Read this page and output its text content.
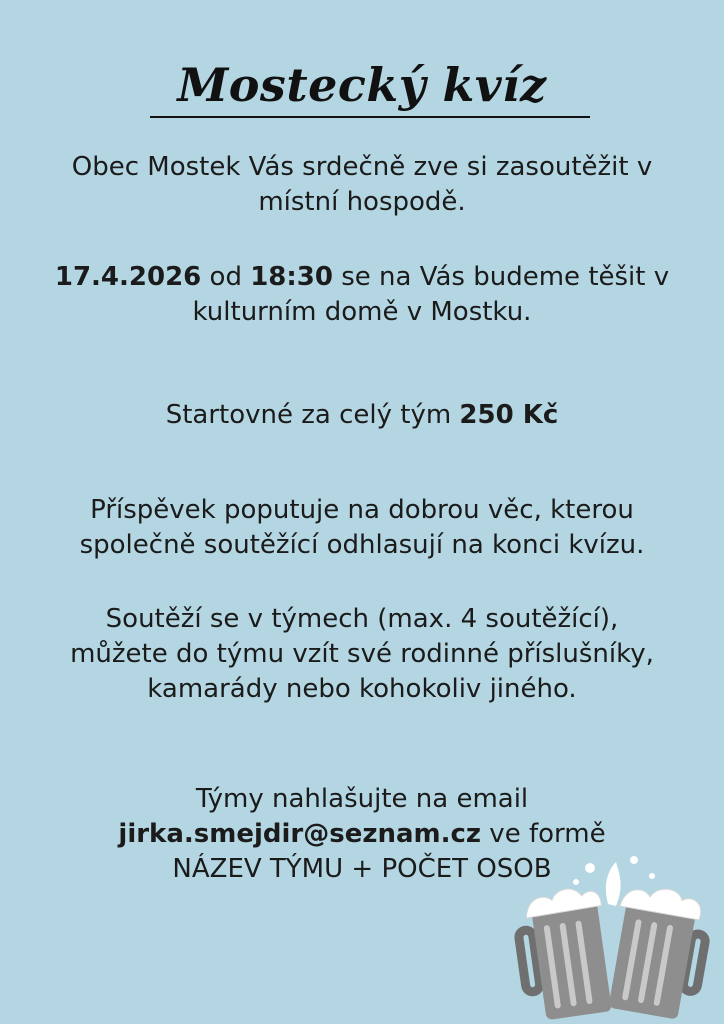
Mostecký kvíz
Obec Mostek Vás srdečně zve si zasoutěžit v
místní hospodě.
17.4.2026 od 18:30 se na Vás budeme těšit v
kulturním domě v Mostku.
Startovné za celý tým 250 Kč
Příspěvek poputuje na dobrou věc, kterou
společně soutěžící odhlasují na konci kvízu.
Soutěží se v týmech (max. 4 soutěžící),
můžete do týmu vzít své rodinné příslušníky,
kamarády nebo kohokoliv jiného.
Týmy nahlašujte na email
jirka.smejdir@seznam.cz ve formě
NÁZEV TÝMU + POČET OSOB
